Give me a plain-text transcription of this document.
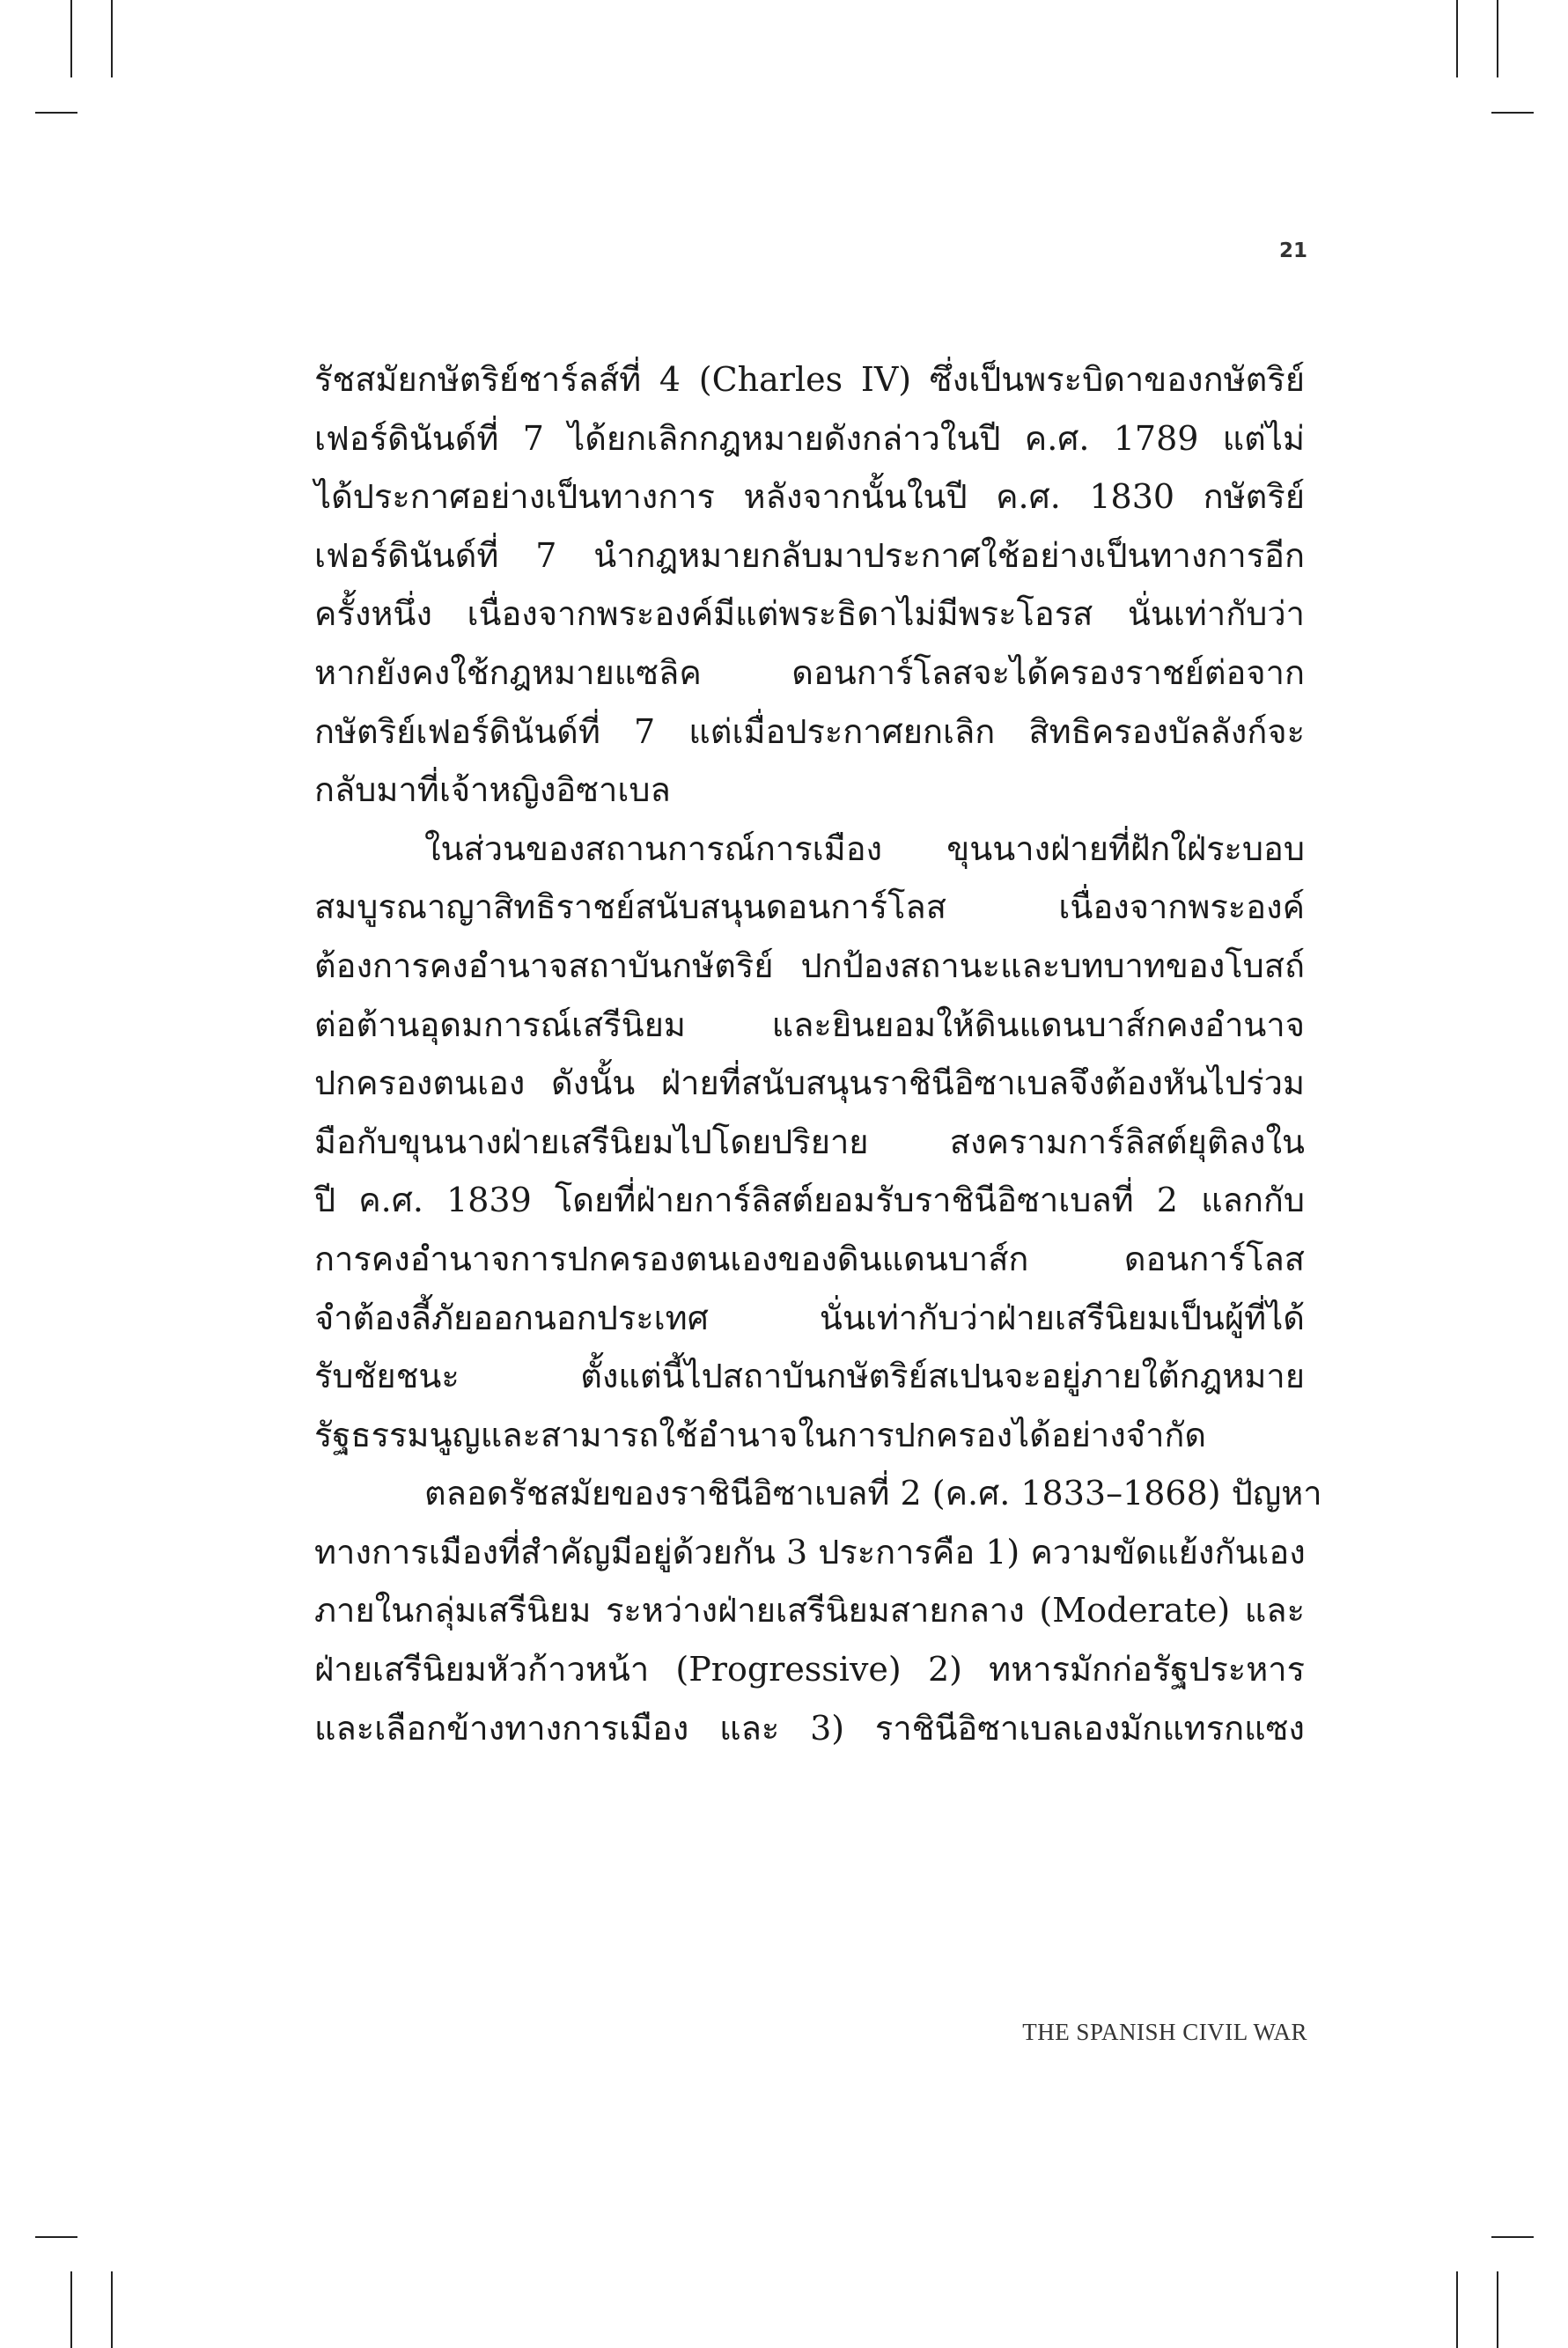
21

รัชสมัยกษัตริย์ชาร์ลส์ที่ 4 (Charles IV) ซึ่งเป็นพระบิดาของกษัตริย์
เฟอร์ดินันด์ที่ 7 ได้ยกเลิกกฎหมายดังกล่าวในปี ค.ศ. 1789 แต่ไม่
ได้ประกาศอย่างเป็นทางการ หลังจากนั้นในปี ค.ศ. 1830 กษัตริย์
เฟอร์ดินันด์ที่ 7 นำกฎหมายกลับมาประกาศใช้อย่างเป็นทางการอีก
ครั้งหนึ่ง เนื่องจากพระองค์มีแต่พระธิดาไม่มีพระโอรส นั่นเท่ากับว่า
หากยังคงใช้กฎหมายแซลิค ดอนการ์โลสจะได้ครองราชย์ต่อจาก
กษัตริย์เฟอร์ดินันด์ที่ 7 แต่เมื่อประกาศยกเลิก สิทธิครองบัลลังก์จะ
กลับมาที่เจ้าหญิงอิซาเบล

ในส่วนของสถานการณ์การเมือง ขุนนางฝ่ายที่ฝักใฝ่ระบอบ
สมบูรณาญาสิทธิราชย์สนับสนุนดอนการ์โลส เนื่องจากพระองค์
ต้องการคงอำนาจสถาบันกษัตริย์ ปกป้องสถานะและบทบาทของโบสถ์
ต่อต้านอุดมการณ์เสรีนิยม และยินยอมให้ดินแดนบาส์กคงอำนาจ
ปกครองตนเอง ดังนั้น ฝ่ายที่สนับสนุนราชินีอิซาเบลจึงต้องหันไปร่วม
มือกับขุนนางฝ่ายเสรีนิยมไปโดยปริยาย สงครามการ์ลิสต์ยุติลงใน
ปี ค.ศ. 1839 โดยที่ฝ่ายการ์ลิสต์ยอมรับราชินีอิซาเบลที่ 2 แลกกับ
การคงอำนาจการปกครองตนเองของดินแดนบาส์ก ดอนการ์โลส
จำต้องลี้ภัยออกนอกประเทศ นั่นเท่ากับว่าฝ่ายเสรีนิยมเป็นผู้ที่ได้
รับชัยชนะ ตั้งแต่นี้ไปสถาบันกษัตริย์สเปนจะอยู่ภายใต้กฎหมาย
รัฐธรรมนูญและสามารถใช้อำนาจในการปกครองได้อย่างจำกัด

ตลอดรัชสมัยของราชินีอิซาเบลที่ 2 (ค.ศ. 1833–1868) ปัญหา
ทางการเมืองที่สำคัญมีอยู่ด้วยกัน 3 ประการคือ 1) ความขัดแย้งกันเอง
ภายในกลุ่มเสรีนิยม ระหว่างฝ่ายเสรีนิยมสายกลาง (Moderate) และ
ฝ่ายเสรีนิยมหัวก้าวหน้า (Progressive) 2) ทหารมักก่อรัฐประหาร
และเลือกข้างทางการเมือง และ 3) ราชินีอิซาเบลเองมักแทรกแซง

THE SPANISH CIVIL WAR
